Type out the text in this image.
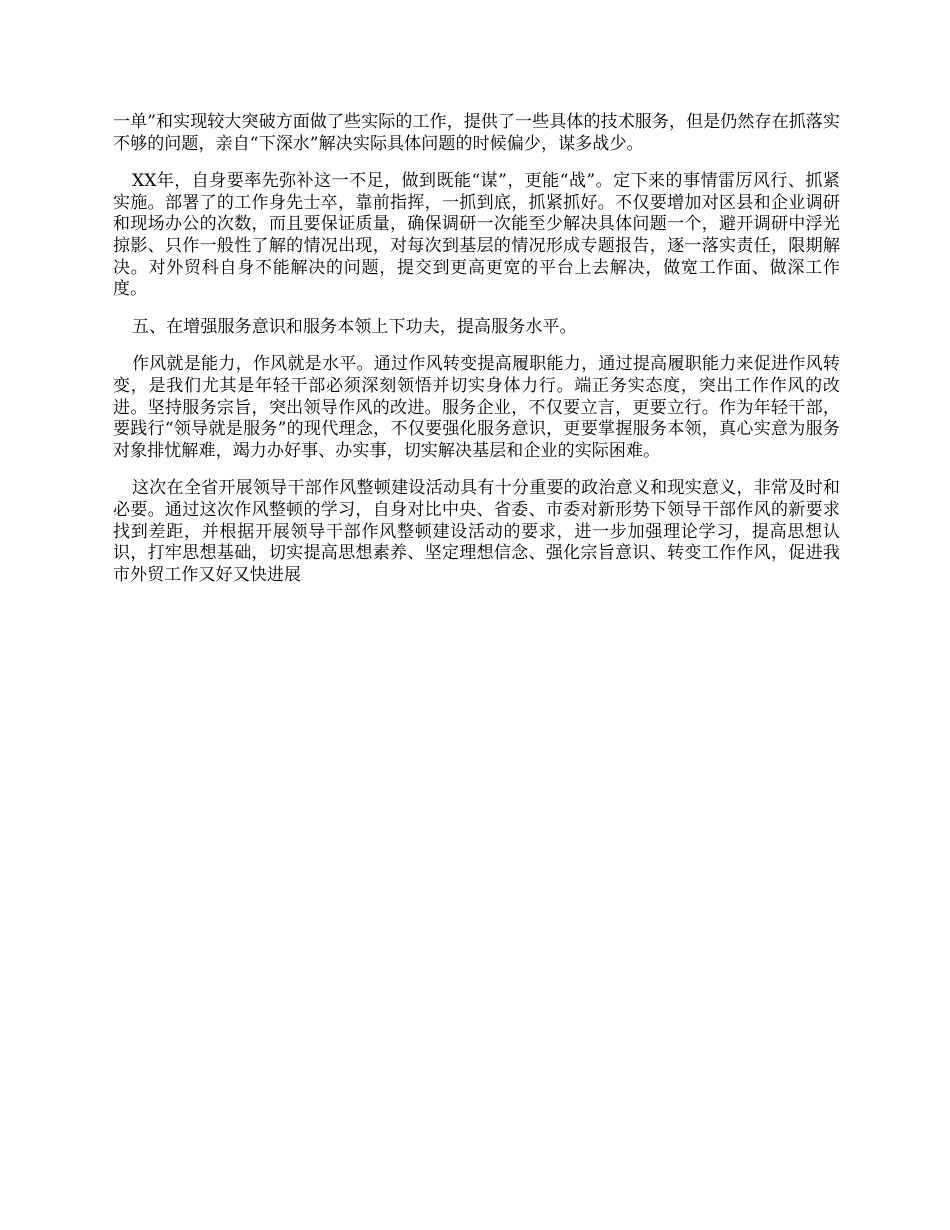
一单”和实现较大突破方面做了些实际的工作，提供了一些具体的技术服务，但是仍然存在抓落实不够的问题，亲自“下深水”解决实际具体问题的时候偏少，谋多战少。

XX年，自身要率先弥补这一不足，做到既能“谋”，更能“战”。定下来的事情雷厉风行、抓紧实施。部署了的工作身先士卒，靠前指挥，一抓到底，抓紧抓好。不仅要增加对区县和企业调研和现场办公的次数，而且要保证质量，确保调研一次能至少解决具体问题一个，避开调研中浮光掠影、只作一般性了解的情况出现，对每次到基层的情况形成专题报告，逐一落实责任，限期解决。对外贸科自身不能解决的问题，提交到更高更宽的平台上去解决，做宽工作面、做深工作度。

五、在增强服务意识和服务本领上下功夫，提高服务水平。

作风就是能力，作风就是水平。通过作风转变提高履职能力，通过提高履职能力来促进作风转变，是我们尤其是年轻干部必须深刻领悟并切实身体力行。端正务实态度，突出工作作风的改进。坚持服务宗旨，突出领导作风的改进。服务企业，不仅要立言，更要立行。作为年轻干部，要践行“领导就是服务”的现代理念，不仅要强化服务意识，更要掌握服务本领，真心实意为服务对象排忧解难，竭力办好事、办实事，切实解决基层和企业的实际困难。

这次在全省开展领导干部作风整顿建设活动具有十分重要的政治意义和现实意义，非常及时和必要。通过这次作风整顿的学习，自身对比中央、省委、市委对新形势下领导干部作风的新要求找到差距，并根据开展领导干部作风整顿建设活动的要求，进一步加强理论学习，提高思想认识，打牢思想基础，切实提高思想素养、坚定理想信念、强化宗旨意识、转变工作作风，促进我市外贸工作又好又快进展
